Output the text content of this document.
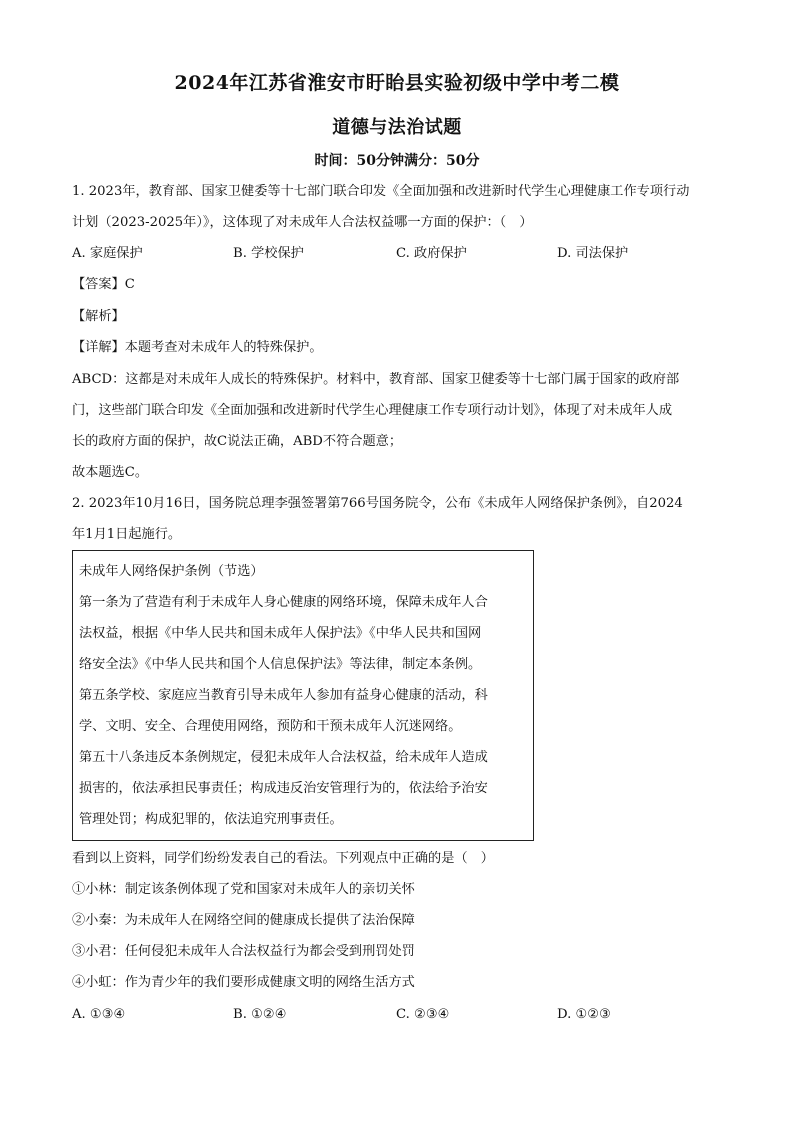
2024年江苏省淮安市盱眙县实验初级中学中考二模
道德与法治试题
时间：50分钟满分：50分
1. 2023年，教育部、国家卫健委等十七部门联合印发《全面加强和改进新时代学生心理健康工作专项行动
计划（2023-2025年）》，这体现了对未成年人合法权益哪一方面的保护：（　）
A. 家庭保护	B. 学校保护	C. 政府保护	D. 司法保护
【答案】C
【解析】
【详解】本题考查对未成年人的特殊保护。
ABCD：这都是对未成年人成长的特殊保护。材料中，教育部、国家卫健委等十七部门属于国家的政府部
门，这些部门联合印发《全面加强和改进新时代学生心理健康工作专项行动计划》，体现了对未成年人成
长的政府方面的保护，故C说法正确，ABD不符合题意；
故本题选C。
2. 2023年10月16日，国务院总理李强签署第766号国务院令，公布《未成年人网络保护条例》，自2024
年1月1日起施行。
未成年人网络保护条例（节选）
第一条为了营造有利于未成年人身心健康的网络环境，保障未成年人合
法权益，根据《中华人民共和国未成年人保护法》《中华人民共和国网
络安全法》《中华人民共和国个人信息保护法》等法律，制定本条例。
第五条学校、家庭应当教育引导未成年人参加有益身心健康的活动，科
学、文明、安全、合理使用网络，预防和干预未成年人沉迷网络。
第五十八条违反本条例规定，侵犯未成年人合法权益，给未成年人造成
损害的，依法承担民事责任；构成违反治安管理行为的，依法给予治安
管理处罚；构成犯罪的，依法追究刑事责任。
看到以上资料，同学们纷纷发表自己的看法。下列观点中正确的是（　）
①小林：制定该条例体现了党和国家对未成年人的亲切关怀
②小秦：为未成年人在网络空间的健康成长提供了法治保障
③小君：任何侵犯未成年人合法权益行为都会受到刑罚处罚
④小虹：作为青少年的我们要形成健康文明的网络生活方式
A. ①③④	B. ①②④	C. ②③④	D. ①②③
